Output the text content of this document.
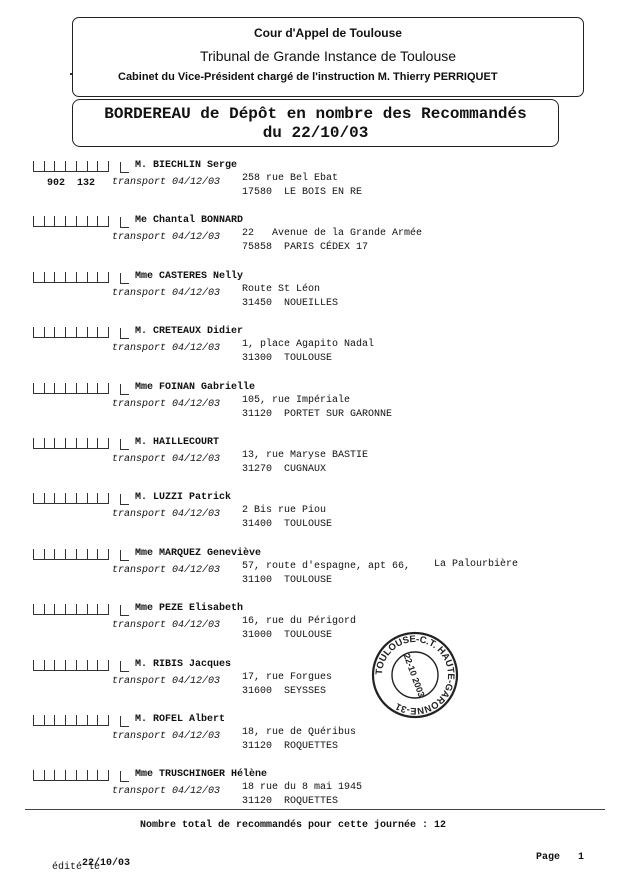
Cour d'Appel de Toulouse
Tribunal de Grande Instance de Toulouse
Cabinet du Vice-Président chargé de l'instruction M. Thierry PERRIQUET
BORDEREAU de Dépôt en nombre des Recommandés
du 22/10/03
M. BIECHLIN Serge
transport 04/12/03 258 rue Bel Ebat
17580  LE BOIS EN RE
902  132
Me Chantal BONNARD
transport 04/12/03 22   Avenue de la Grande Armée
75858  PARIS CÉDEX 17
Mme CASTERES Nelly
transport 04/12/03 Route St Léon
31450  NOUEILLES
M. CRETEAUX Didier
transport 04/12/03 1, place Agapito Nadal
31300  TOULOUSE
Mme FOINAN Gabrielle
transport 04/12/03 105, rue Impériale
31120  PORTET SUR GARONNE
M. HAILLECOURT
transport 04/12/03 13, rue Maryse BASTIE
31270  CUGNAUX
M. LUZZI Patrick
transport 04/12/03 2 Bis rue Piou
31400  TOULOUSE
Mme MARQUEZ Geneviève
transport 04/12/03 57, route d'espagne, apt 66,
31100  TOULOUSE
La Palourbière
Mme PEZE Elisabeth
transport 04/12/03 16, rue du Périgord
31000  TOULOUSE
M. RIBIS Jacques
transport 04/12/03 17, rue Forgues
31600  SEYSSES
M. ROFEL Albert
transport 04/12/03 18, rue de Quéribus
31120  ROQUETTES
Mme TRUSCHINGER Hélène
transport 04/12/03 18 rue du 8 mai 1945
31120  ROQUETTES
TOULOUSE-C.T. HAUTE-GARONNE-31
22-10 2003
Nombre total de recommandés pour cette journée : 12
Page 1
édité le
22/10/03
